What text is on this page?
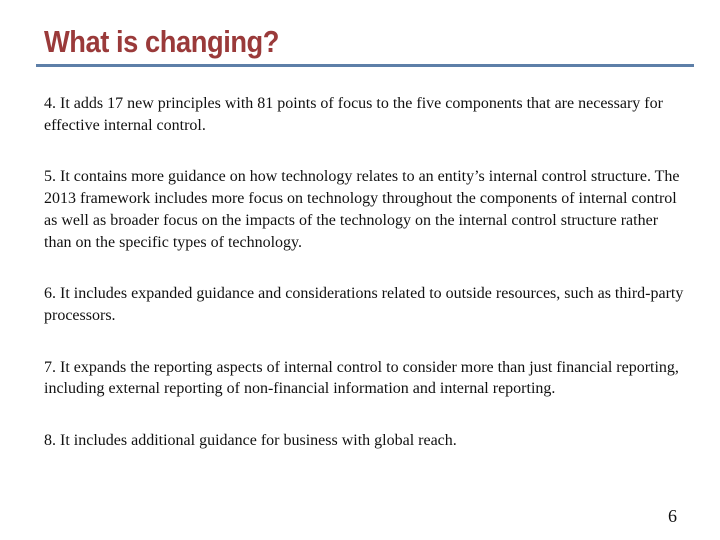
What is changing?
4. It adds 17 new principles with 81 points of focus to the five components that are necessary for effective internal control.
5. It contains more guidance on how technology relates to an entity’s internal control structure. The 2013 framework includes more focus on technology throughout the components of internal control as well as broader focus on the impacts of the technology on the internal control structure rather than on the specific types of technology.
6. It includes expanded guidance and considerations related to outside resources, such as third-party processors.
7. It expands the reporting aspects of internal control to consider more than just financial reporting, including external reporting of non-financial information and internal reporting.
8. It includes additional guidance for business with global reach.
6
